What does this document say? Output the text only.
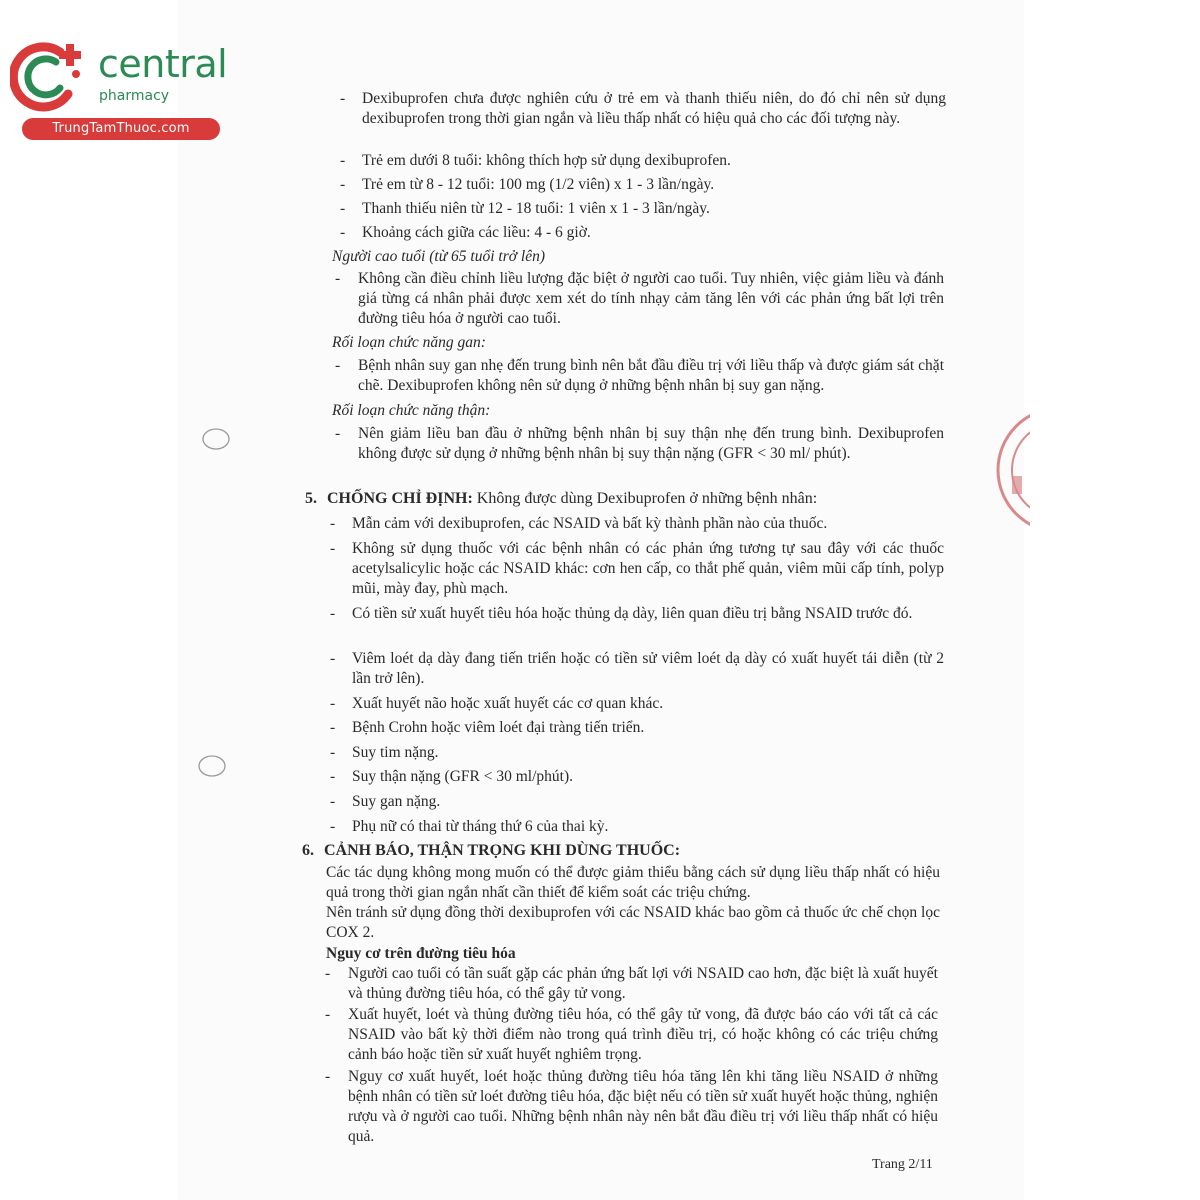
central
pharmacy
TrungTamThuoc.com
- Dexibuprofen chưa được nghiên cứu ở trẻ em và thanh thiếu niên, do đó chỉ nên sử dụng dexibuprofen trong thời gian ngắn và liều thấp nhất có hiệu quả cho các đối tượng này.
- Trẻ em dưới 8 tuổi: không thích hợp sử dụng dexibuprofen.
- Trẻ em từ 8 - 12 tuổi: 100 mg (1/2 viên) x 1 - 3 lần/ngày.
- Thanh thiếu niên từ 12 - 18 tuổi: 1 viên x 1 - 3 lần/ngày.
- Khoảng cách giữa các liều: 4 - 6 giờ.
Người cao tuổi (từ 65 tuổi trở lên)
- Không cần điều chỉnh liều lượng đặc biệt ở người cao tuổi. Tuy nhiên, việc giảm liều và đánh giá từng cá nhân phải được xem xét do tính nhạy cảm tăng lên với các phản ứng bất lợi trên đường tiêu hóa ở người cao tuổi.
Rối loạn chức năng gan:
- Bệnh nhân suy gan nhẹ đến trung bình nên bắt đầu điều trị với liều thấp và được giám sát chặt chẽ. Dexibuprofen không nên sử dụng ở những bệnh nhân bị suy gan nặng.
Rối loạn chức năng thận:
- Nên giảm liều ban đầu ở những bệnh nhân bị suy thận nhẹ đến trung bình. Dexibuprofen không được sử dụng ở những bệnh nhân bị suy thận nặng (GFR < 30 ml/ phút).
5. CHỐNG CHỈ ĐỊNH: Không được dùng Dexibuprofen ở những bệnh nhân:
- Mẫn cảm với dexibuprofen, các NSAID và bất kỳ thành phần nào của thuốc.
- Không sử dụng thuốc với các bệnh nhân có các phản ứng tương tự sau đây với các thuốc acetylsalicylic hoặc các NSAID khác: cơn hen cấp, co thắt phế quản, viêm mũi cấp tính, polyp mũi, mày đay, phù mạch.
- Có tiền sử xuất huyết tiêu hóa hoặc thủng dạ dày, liên quan điều trị bằng NSAID trước đó.
- Viêm loét dạ dày đang tiến triển hoặc có tiền sử viêm loét dạ dày có xuất huyết tái diễn (từ 2 lần trở lên).
- Xuất huyết não hoặc xuất huyết các cơ quan khác.
- Bệnh Crohn hoặc viêm loét đại tràng tiến triển.
- Suy tim nặng.
- Suy thận nặng (GFR < 30 ml/phút).
- Suy gan nặng.
- Phụ nữ có thai từ tháng thứ 6 của thai kỳ.
6. CẢNH BÁO, THẬN TRỌNG KHI DÙNG THUỐC:
Các tác dụng không mong muốn có thể được giảm thiểu bằng cách sử dụng liều thấp nhất có hiệu quả trong thời gian ngắn nhất cần thiết để kiểm soát các triệu chứng.
Nên tránh sử dụng đồng thời dexibuprofen với các NSAID khác bao gồm cả thuốc ức chế chọn lọc COX 2.
Nguy cơ trên đường tiêu hóa
- Người cao tuổi có tần suất gặp các phản ứng bất lợi với NSAID cao hơn, đặc biệt là xuất huyết và thủng đường tiêu hóa, có thể gây tử vong.
- Xuất huyết, loét và thủng đường tiêu hóa, có thể gây tử vong, đã được báo cáo với tất cả các NSAID vào bất kỳ thời điểm nào trong quá trình điều trị, có hoặc không có các triệu chứng cảnh báo hoặc tiền sử xuất huyết nghiêm trọng.
- Nguy cơ xuất huyết, loét hoặc thủng đường tiêu hóa tăng lên khi tăng liều NSAID ở những bệnh nhân có tiền sử loét đường tiêu hóa, đặc biệt nếu có tiền sử xuất huyết hoặc thủng, nghiện rượu và ở người cao tuổi. Những bệnh nhân này nên bắt đầu điều trị với liều thấp nhất có hiệu quả.
Trang 2/11
